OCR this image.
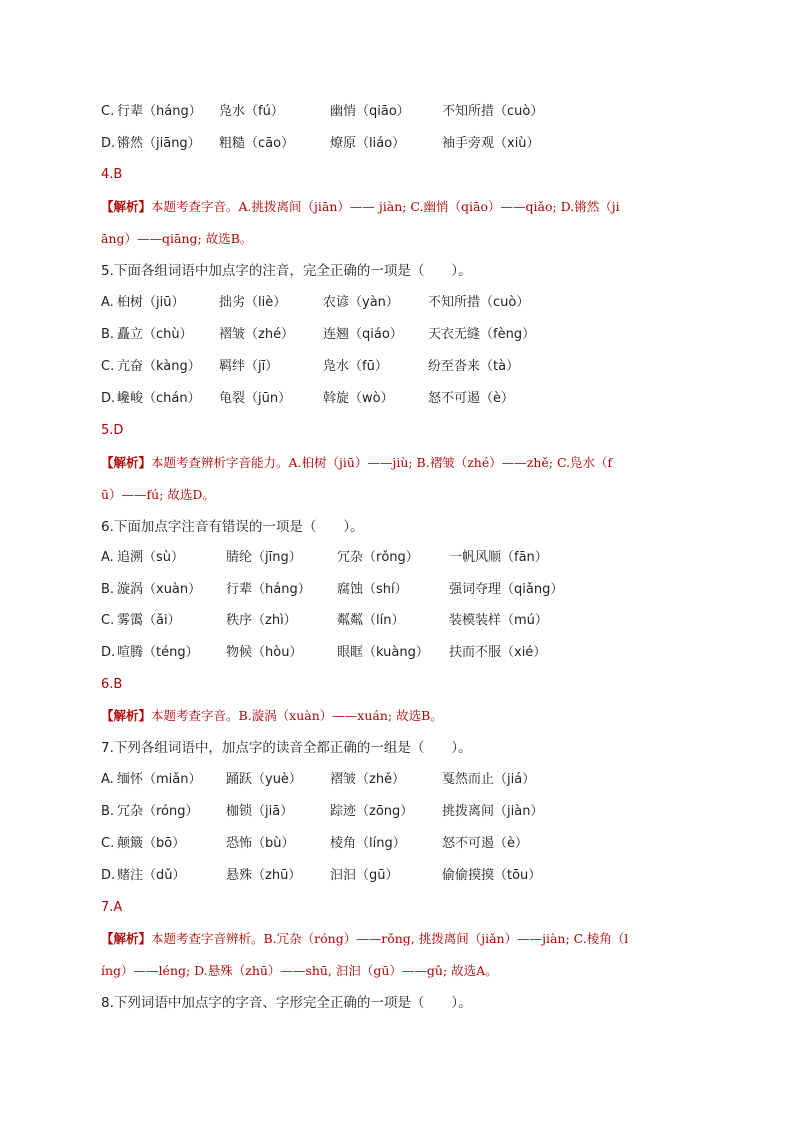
C. 行辈（háng） 凫水（fú）	幽悄（qiāo） 不知所措（cuò）
D. 锵然（jiāng） 粗糙（cāo）	燎原（liáo）	袖手旁观（xiù）
4.B
【解析】本题考查字音。A.挑拨离间（jiān）—— jiàn; C.幽悄（qiāo）——qiǎo; D.锵然（ji
āng）——qiāng; 故选B。
5.下面各组词语中加点字的注音，完全正确的一项是（　　）。
A. 桕树（jiū）	拙劣（liè）	农谚（yàn） 不知所措（cuò）
B. 矗立（chù） 褶皱（zhé） 连翘（qiáo） 天衣无缝（fèng）
C. 亢奋（kàng） 羁绊（jī）	凫水（fū）	纷至沓来（tà）
D. 巉峻（chán） 龟裂（jūn） 斡旋（wò）	怒不可遏（è）
5.D
【解析】本题考查辨析字音能力。A.桕树（jiū）——jiù; B.褶皱（zhé）——zhě; C.凫水（f
ū）——fú; 故选D。
6.下面加点字注音有错误的一项是（　　）。
A. 追溯（sù）	腈纶（jīng）	冗杂（rǒng） 一帆风顺（fān）
B. 漩涡（xuàn） 行辈（háng） 腐蚀（shí）	强词夺理（qiǎng）
C. 雾霭（ǎi）	秩序（zhì）	粼粼（lín）	装模装样（mú）
D. 喧腾（téng） 物候（hòu）	眼眶（kuàng） 扶而不服（xié）
6.B
【解析】本题考查字音。B.漩涡（xuàn）——xuán; 故选B。
7.下列各组词语中，加点字的读音全都正确的一组是（　　）。
A. 缅怀（miǎn） 踊跃（yuè） 褶皱（zhě）	戛然而止（jiá）
B. 冗杂（róng） 枷锁（jiā）	踪迹（zōng） 挑拨离间（jiàn）
C. 颠簸（bō）	恐怖（bù）	棱角（líng）	怒不可遏（è）
D. 赌注（dǔ）	悬殊（zhū） 汩汩（gū）	偷偷摸摸（tōu）
7.A
【解析】本题考查字音辨析。B.冗杂（róng）——rǒng, 挑拨离间（jiǎn）——jiàn; C.棱角（l
íng）——léng; D.悬殊（zhū）——shū, 汩汩（gū）——gǔ; 故选A。
8.下列词语中加点字的字音、字形完全正确的一项是（　　）。
